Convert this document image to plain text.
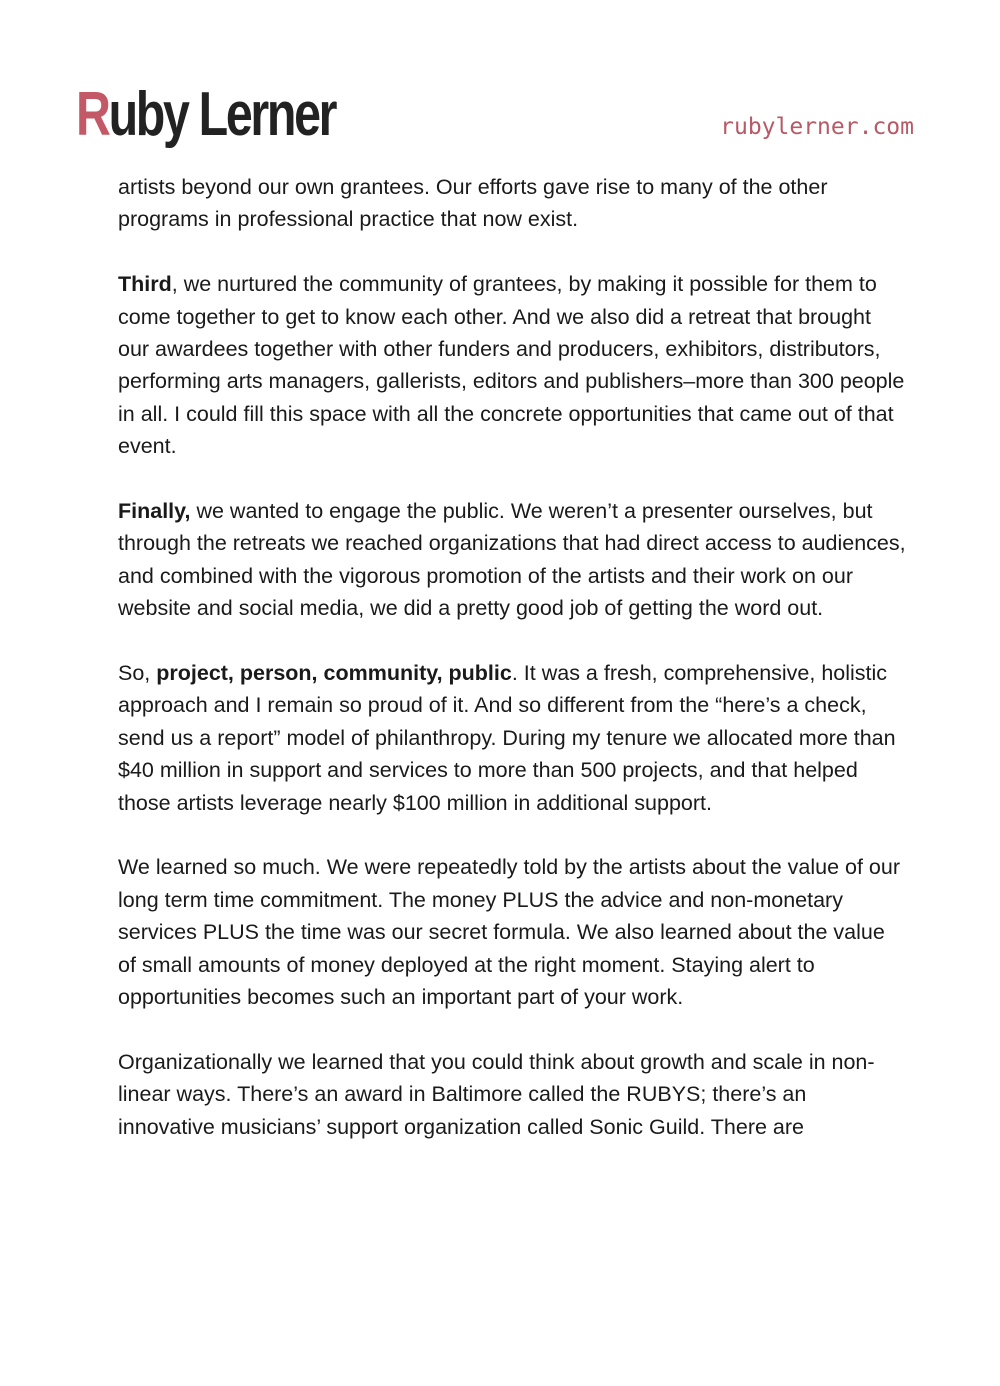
Ruby Lerner	rubylerner.com

artists beyond our own grantees. Our efforts gave rise to many of the other programs in professional practice that now exist.

Third, we nurtured the community of grantees, by making it possible for them to come together to get to know each other. And we also did a retreat that brought our awardees together with other funders and producers, exhibitors, distributors, performing arts managers, gallerists, editors and publishers–more than 300 people in all. I could fill this space with all the concrete opportunities that came out of that event.

Finally, we wanted to engage the public. We weren’t a presenter ourselves, but through the retreats we reached organizations that had direct access to audiences, and combined with the vigorous promotion of the artists and their work on our website and social media, we did a pretty good job of getting the word out.

So, project, person, community, public. It was a fresh, comprehensive, holistic approach and I remain so proud of it. And so different from the “here’s a check, send us a report” model of philanthropy. During my tenure we allocated more than $40 million in support and services to more than 500 projects, and that helped those artists leverage nearly $100 million in additional support.

We learned so much. We were repeatedly told by the artists about the value of our long term time commitment. The money PLUS the advice and non-monetary services PLUS the time was our secret formula. We also learned about the value of small amounts of money deployed at the right moment. Staying alert to opportunities becomes such an important part of your work.

Organizationally we learned that you could think about growth and scale in non-linear ways. There’s an award in Baltimore called the RUBYS; there’s an innovative musicians’ support organization called Sonic Guild. There are
